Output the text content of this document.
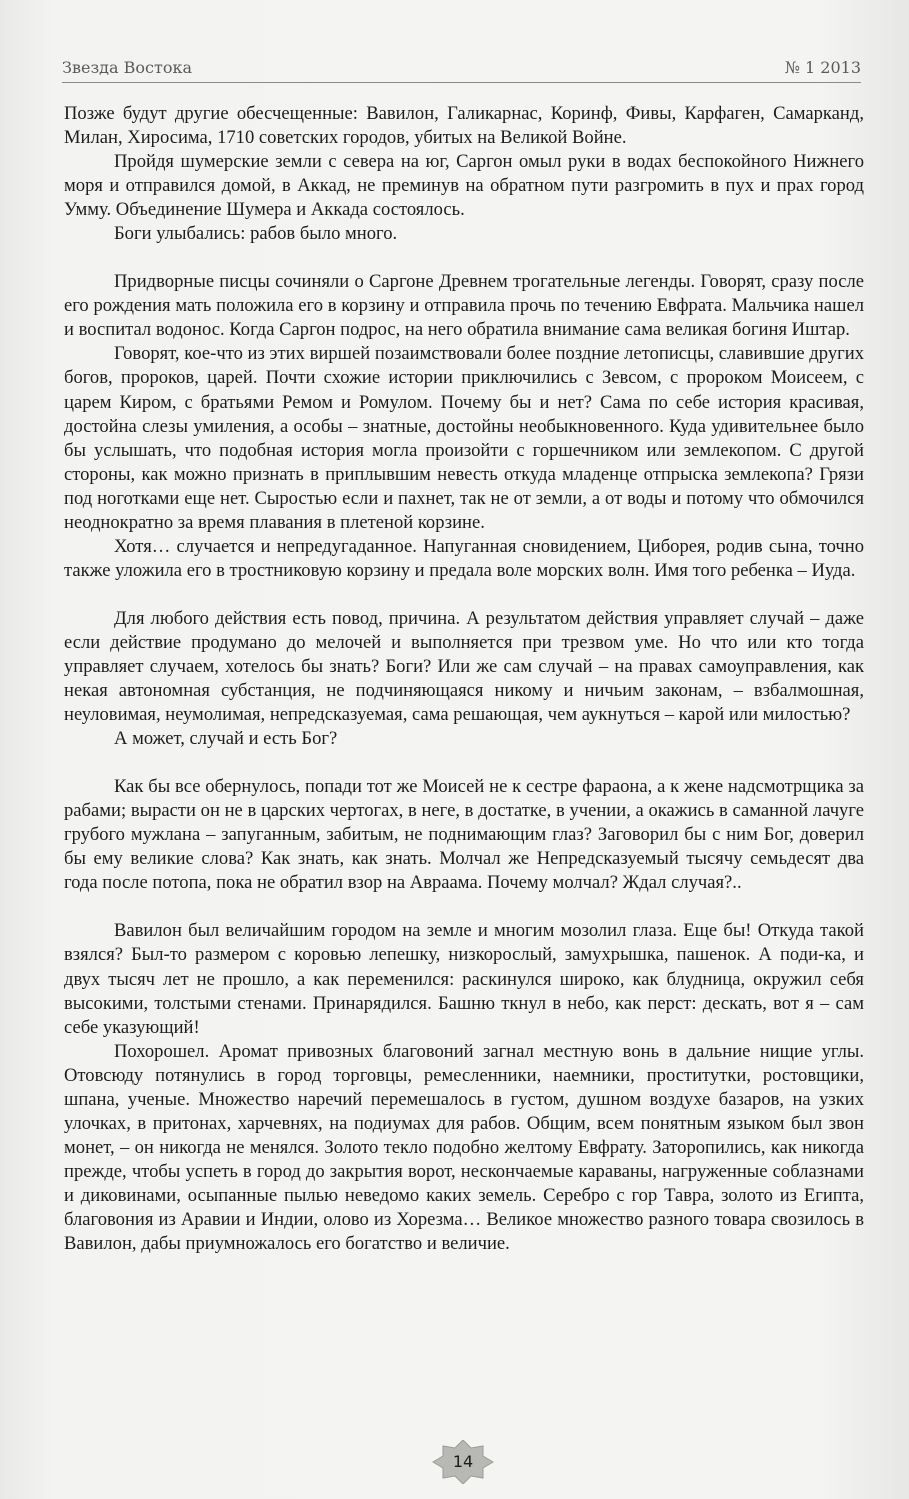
Звезда Востока	№ 1 2013

Позже будут другие обесчещенные: Вавилон, Галикарнас, Коринф, Фивы, Карфаген, Самарканд, Милан, Хиросима, 1710 советских городов, убитых на Великой Войне.

Пройдя шумерские земли с севера на юг, Саргон омыл руки в водах беспокойного Нижнего моря и отправился домой, в Аккад, не преминув на обратном пути разгромить в пух и прах город Умму. Объединение Шумера и Аккада состоялось.

Боги улыбались: рабов было много.

Придворные писцы сочиняли о Саргоне Древнем трогательные легенды. Говорят, сразу после его рождения мать положила его в корзину и отправила прочь по течению Евфрата. Мальчика нашел и воспитал водонос. Когда Саргон подрос, на него обратила внимание сама великая богиня Иштар.

Говорят, кое-что из этих виршей позаимствовали более поздние летописцы, славившие других богов, пророков, царей. Почти схожие истории приключились с Зевсом, с пророком Моисеем, с царем Киром, с братьями Ремом и Ромулом. Почему бы и нет? Сама по себе история красивая, достойна слезы умиления, а особы – знатные, достойны необыкновенного. Куда удивительнее было бы услышать, что подобная история могла произойти с горшечником или землекопом. С другой стороны, как можно признать в приплывшим невесть откуда младенце отпрыска землекопа? Грязи под ноготками еще нет. Сыростью если и пахнет, так не от земли, а от воды и потому что обмочился неоднократно за время плавания в плетеной корзине.

Хотя… случается и непредугаданное. Напуганная сновидением, Циборея, родив сына, точно также уложила его в тростниковую корзину и предала воле морских волн. Имя того ребенка – Иуда.

Для любого действия есть повод, причина. А результатом действия управляет случай – даже если действие продумано до мелочей и выполняется при трезвом уме. Но что или кто тогда управляет случаем, хотелось бы знать? Боги? Или же сам случай – на правах самоуправления, как некая автономная субстанция, не подчиняющаяся никому и ничьим законам, – взбалмошная, неуловимая, неумолимая, непредсказуемая, сама решающая, чем аукнуться – карой или милостью?

А может, случай и есть Бог?

Как бы все обернулось, попади тот же Моисей не к сестре фараона, а к жене надсмотрщика за рабами; вырасти он не в царских чертогах, в неге, в достатке, в учении, а окажись в саманной лачуге грубого мужлана – запуганным, забитым, не поднимающим глаз? Заговорил бы с ним Бог, доверил бы ему великие слова? Как знать, как знать. Молчал же Непредсказуемый тысячу семьдесят два года после потопа, пока не обратил взор на Авраама. Почему молчал? Ждал случая?..

Вавилон был величайшим городом на земле и многим мозолил глаза. Еще бы! Откуда такой взялся? Был-то размером с коровью лепешку, низкорослый, замухрышка, пашенок. А поди-ка, и двух тысяч лет не прошло, а как переменился: раскинулся широко, как блудница, окружил себя высокими, толстыми стенами. Принарядился. Башню ткнул в небо, как перст: дескать, вот я – сам себе указующий!

Похорошел. Аромат привозных благовоний загнал местную вонь в дальние нищие углы. Отовсюду потянулись в город торговцы, ремесленники, наемники, проститутки, ростовщики, шпана, ученые. Множество наречий перемешалось в густом, душном воздухе базаров, на узких улочках, в притонах, харчевнях, на подиумах для рабов. Общим, всем понятным языком был звон монет, – он никогда не менялся. Золото текло подобно желтому Евфрату. Заторопились, как никогда прежде, чтобы успеть в город до закрытия ворот, нескончаемые караваны, нагруженные соблазнами и диковинами, осыпанные пылью неведомо каких земель. Серебро с гор Тавра, золото из Египта, благовония из Аравии и Индии, олово из Хорезма… Великое множество разного товара свозилось в Вавилон, дабы приумножалось его богатство и величие.

14
